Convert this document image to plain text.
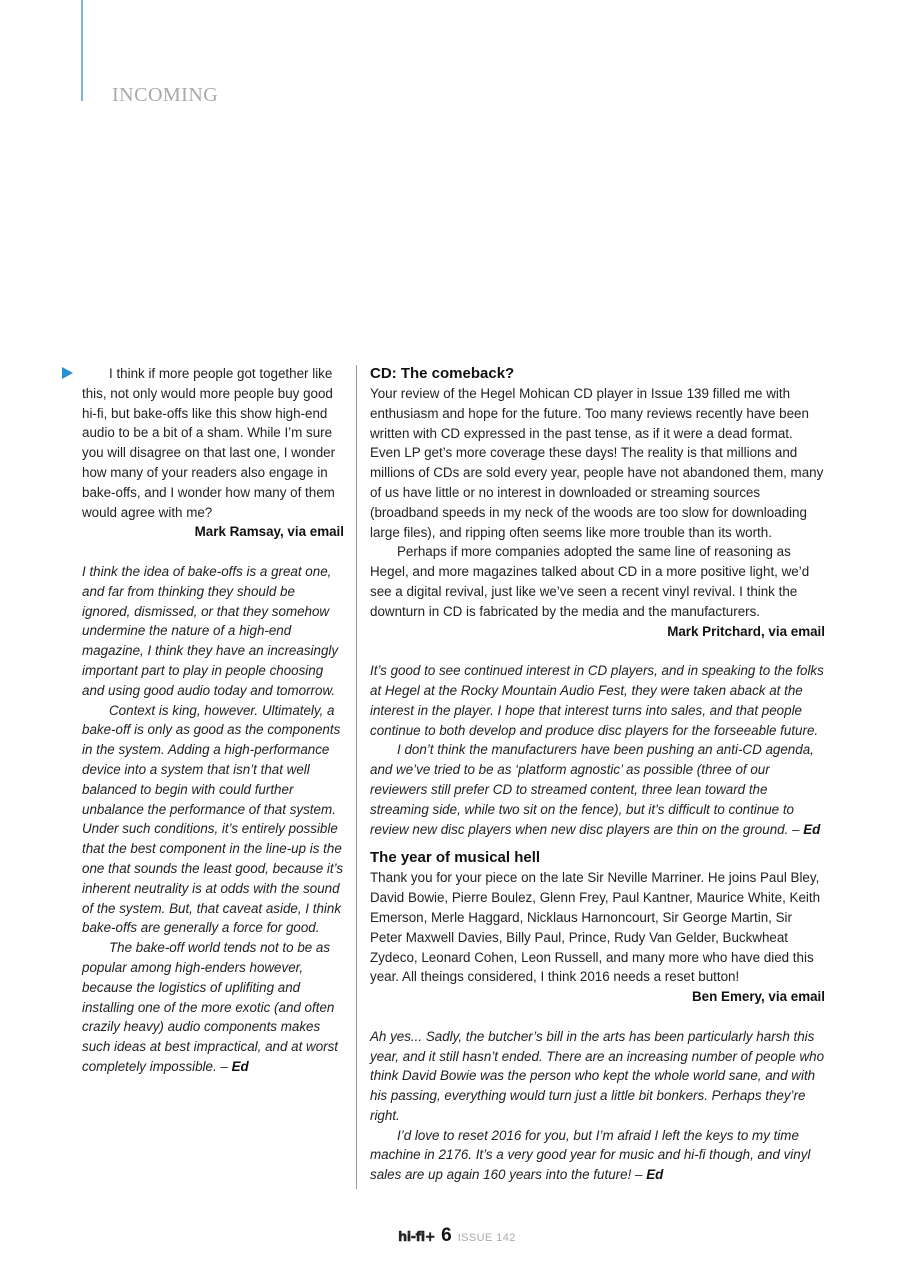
INCOMING

I think if more people got together like this, not only would more people buy good hi-fi, but bake-offs like this show high-end audio to be a bit of a sham. While I’m sure you will disagree on that last one, I wonder how many of your readers also engage in bake-offs, and I wonder how many of them would agree with me?

Mark Ramsay, via email

I think the idea of bake-offs is a great one, and far from thinking they should be ignored, dismissed, or that they somehow undermine the nature of a high-end magazine, I think they have an increasingly important part to play in people choosing and using good audio today and tomorrow.

Context is king, however. Ultimately, a bake-off is only as good as the components in the system. Adding a high-performance device into a system that isn’t that well balanced to begin with could further unbalance the performance of that system. Under such conditions, it’s entirely possible that the best component in the line-up is the one that sounds the least good, because it’s inherent neutrality is at odds with the sound of the system. But, that caveat aside, I think bake-offs are generally a force for good.

The bake-off world tends not to be as popular among high-enders however, because the logistics of uplifiting and installing one of the more exotic (and often crazily heavy) audio components makes such ideas at best impractical, and at worst completely impossible. – Ed

CD: The comeback?

Your review of the Hegel Mohican CD player in Issue 139 filled me with enthusiasm and hope for the future. Too many reviews recently have been written with CD expressed in the past tense, as if it were a dead format. Even LP get’s more coverage these days! The reality is that millions and millions of CDs are sold every year, people have not abandoned them, many of us have little or no interest in downloaded or streaming sources (broadband speeds in my neck of the woods are too slow for downloading large files), and ripping often seems like more trouble than its worth.

Perhaps if more companies adopted the same line of reasoning as Hegel, and more magazines talked about CD in a more positive light, we’d see a digital revival, just like we’ve seen a recent vinyl revival. I think the downturn in CD is fabricated by the media and the manufacturers.

Mark Pritchard, via email

It’s good to see continued interest in CD players, and in speaking to the folks at Hegel at the Rocky Mountain Audio Fest, they were taken aback at the interest in the player. I hope that interest turns into sales, and that people continue to both develop and produce disc players for the forseeable future.

I don’t think the manufacturers have been pushing an anti-CD agenda, and we’ve tried to be as ‘platform agnostic’ as possible (three of our reviewers still prefer CD to streamed content, three lean toward the streaming side, while two sit on the fence), but it’s difficult to continue to review new disc players when new disc players are thin on the ground. – Ed

The year of musical hell

Thank you for your piece on the late Sir Neville Marriner. He joins Paul Bley, David Bowie, Pierre Boulez, Glenn Frey, Paul Kantner, Maurice White, Keith Emerson, Merle Haggard, Nicklaus Harnoncourt, Sir George Martin, Sir Peter Maxwell Davies, Billy Paul, Prince, Rudy Van Gelder, Buckwheat Zydeco, Leonard Cohen, Leon Russell, and many more who have died this year. All theings considered, I think 2016 needs a reset button!

Ben Emery, via email

Ah yes... Sadly, the butcher’s bill in the arts has been particularly harsh this year, and it still hasn’t ended. There are an increasing number of people who think David Bowie was the person who kept the whole world sane, and with his passing, everything would turn just a little bit bonkers. Perhaps they’re right.

I’d love to reset 2016 for you, but I’m afraid I left the keys to my time machine in 2176. It’s a very good year for music and hi-fi though, and vinyl sales are up again 160 years into the future! – Ed

hi-fi+ 6 ISSUE 142
